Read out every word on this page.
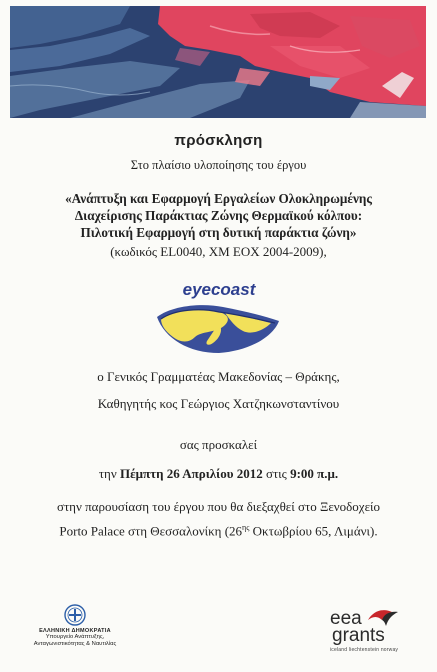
πρόσκληση
Στο πλαίσιο υλοποίησης του έργου
«Ανάπτυξη και Εφαρμογή Εργαλείων Ολοκληρωμένης
Διαχείρισης Παράκτιας Ζώνης Θερμαϊκού κόλπου:
Πιλοτική Εφαρμογή στη δυτική παράκτια ζώνη»
(κωδικός EL0040, XM EOX 2004-2009),
eyecoast
ο Γενικός Γραμματέας Μακεδονίας – Θράκης,
Καθηγητής κος Γεώργιος Χατζηκωνσταντίνου
σας προσκαλεί
την Πέμπτη 26 Απριλίου 2012 στις 9:00 π.μ.
στην παρουσίαση του έργου που θα διεξαχθεί στο Ξενοδοχείο
Porto Palace στη Θεσσαλονίκη ($26^{\eta\varsigma}$ Οκτωβρίου 65, Λιμάνι).
ΕΛΛΗΝΙΚΗ ΔΗΜΟΚΡΑΤΙΑ
Υπουργείο Ανάπτυξης,
Ανταγωνιστικότητας & Ναυτιλίας
eea
grants
iceland liechtenstein norway
